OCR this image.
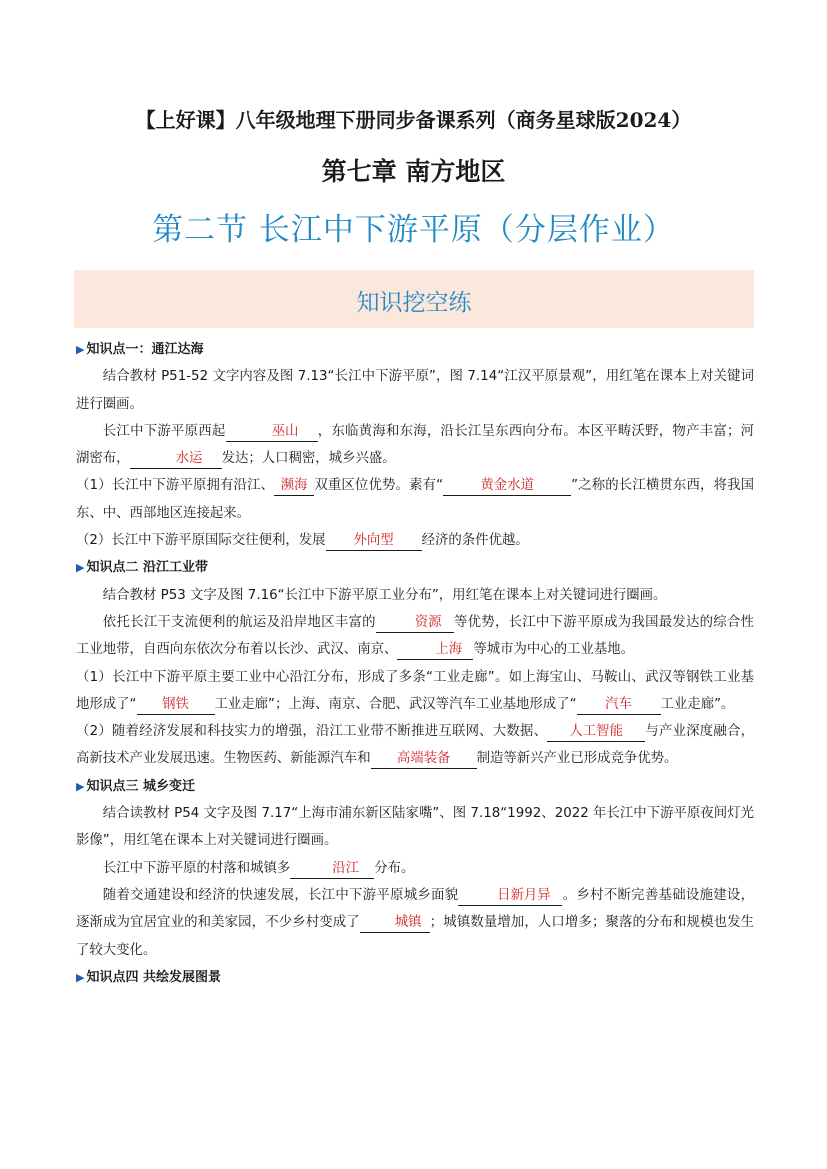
【上好课】八年级地理下册同步备课系列（商务星球版2024）
第七章 南方地区
第二节 长江中下游平原（分层作业）
知识挖空练

▶ 知识点一：通江达海

结合教材 P51-52 文字内容及图 7.13“长江中下游平原”，图 7.14“江汉平原景观”，用红笔在课本上对关键词进行圈画。

长江中下游平原西起	巫山 ，东临黄海和东海，沿长江呈东西向分布。本区平畴沃野，物产丰富；河湖密布，	水运 发达；人口稠密，城乡兴盛。

（1）长江中下游平原拥有沿江、 濒海 双重区位优势。素有“	黄金水道	”之称的长江横贯东西，将我国东、中、西部地区连接起来。

（2）长江中下游平原国际交往便利，发展 外向型 经济的条件优越。

▶ 知识点二 沿江工业带

结合教材 P53 文字及图 7.16“长江中下游平原工业分布”，用红笔在课本上对关键词进行圈画。

依托长江干支流便利的航运及沿岸地区丰富的	资源 等优势，长江中下游平原成为我国最发达的综合性工业地带，自西向东依次分布着以长沙、武汉、南京、	上海 等城市为中心的工业基地。

（1）长江中下游平原主要工业中心沿江分布，形成了多条“工业走廊”。如上海宝山、马鞍山、武汉等钢铁工业基地形成了“ 钢铁 工业走廊”；上海、南京、合肥、武汉等汽车工业基地形成了“ 汽车 工业走廊”。

（2）随着经济发展和科技实力的增强，沿江工业带不断推进互联网、大数据、 人工智能 与产业深度融合，高新技术产业发展迅速。生物医药、新能源汽车和 高端装备 制造等新兴产业已形成竞争优势。

▶ 知识点三 城乡变迁

结合读教材 P54 文字及图 7.17“上海市浦东新区陆家嘴”、图 7.18“1992、2022 年长江中下游平原夜间灯光影像”，用红笔在课本上对关键词进行圈画。

长江中下游平原的村落和城镇多	沿江 分布。

随着交通建设和经济的快速发展，长江中下游平原城乡面貌	日新月异 。乡村不断完善基础设施建设，逐渐成为宜居宜业的和美家园，不少乡村变成了	城镇 ；城镇数量增加，人口增多；聚落的分布和规模也发生了较大变化。

▶ 知识点四 共绘发展图景
